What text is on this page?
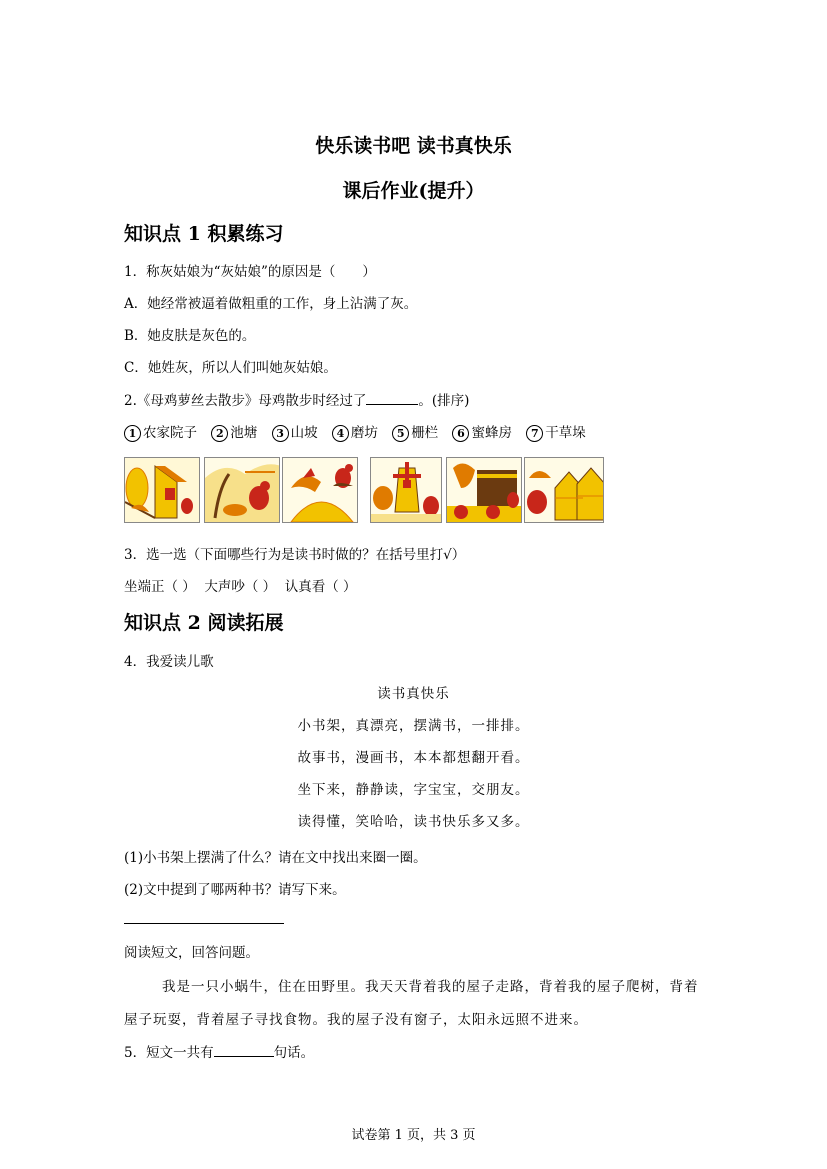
快乐读书吧 读书真快乐
课后作业(提升）
知识点 1 积累练习
1．称灰姑娘为“灰姑娘”的原因是（　　）
A．她经常被逼着做粗重的工作，身上沾满了灰。
B．她皮肤是灰色的。
C．她姓灰，所以人们叫她灰姑娘。
2.《母鸡萝丝去散步》母鸡散步时经过了	。(排序)
1 农家院子 2 池塘 3 山坡 4 磨坊 5 栅栏 6 蜜蜂房 7 干草垛
3．选一选（下面哪些行为是读书时做的？在括号里打√）
坐端正（ ）  大声吵（ ）  认真看（ ）
知识点 2 阅读拓展
4．我爱读儿歌
读书真快乐
小书架，真漂亮，摆满书，一排排。
故事书，漫画书，本本都想翻开看。
坐下来，静静读，字宝宝，交朋友。
读得懂，笑哈哈，读书快乐多又多。
(1)小书架上摆满了什么？请在文中找出来圈一圈。
(2)文中提到了哪两种书？请写下来。
阅读短文，回答问题。
我是一只小蜗牛，住在田野里。我天天背着我的屋子走路，背着我的屋子爬树，背着
屋子玩耍，背着屋子寻找食物。我的屋子没有窗子，太阳永远照不进来。
5．短文一共有	句话。
试卷第 1 页，共 3 页
